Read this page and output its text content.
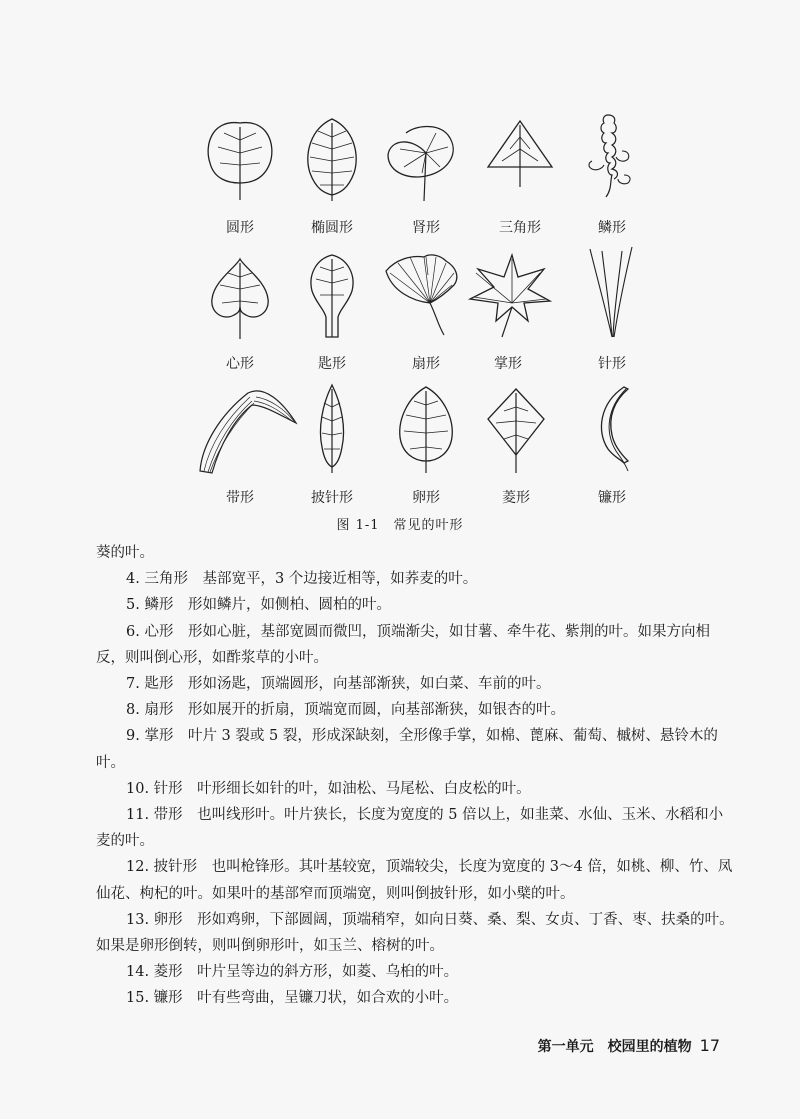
圆形	椭圆形	肾形	三角形	鳞形
心形	匙形	扇形	掌形	针形
带形	披针形	卵形	菱形	镰形
图 1-1　常见的叶形

葵的叶。

4. 三角形　基部宽平，3 个边接近相等，如荞麦的叶。

5. 鳞形　形如鳞片，如侧柏、圆柏的叶。

6. 心形　形如心脏，基部宽圆而微凹，顶端渐尖，如甘薯、牵牛花、紫荆的叶。如果方向相反，则叫倒心形，如酢浆草的小叶。

7. 匙形　形如汤匙，顶端圆形，向基部渐狭，如白菜、车前的叶。

8. 扇形　形如展开的折扇，顶端宽而圆，向基部渐狭，如银杏的叶。

9. 掌形　叶片 3 裂或 5 裂，形成深缺刻，全形像手掌，如棉、蓖麻、葡萄、槭树、悬铃木的叶。

10. 针形　叶形细长如针的叶，如油松、马尾松、白皮松的叶。

11. 带形　也叫线形叶。叶片狭长，长度为宽度的 5 倍以上，如韭菜、水仙、玉米、水稻和小麦的叶。

12. 披针形　也叫枪锋形。其叶基较宽，顶端较尖，长度为宽度的 3～4 倍，如桃、柳、竹、凤仙花、枸杞的叶。如果叶的基部窄而顶端宽，则叫倒披针形，如小檗的叶。

13. 卵形　形如鸡卵，下部圆阔，顶端稍窄，如向日葵、桑、梨、女贞、丁香、枣、扶桑的叶。如果是卵形倒转，则叫倒卵形叶，如玉兰、榕树的叶。

14. 菱形　叶片呈等边的斜方形，如菱、乌桕的叶。

15. 镰形　叶有些弯曲，呈镰刀状，如合欢的小叶。

第一单元　校园里的植物 17
